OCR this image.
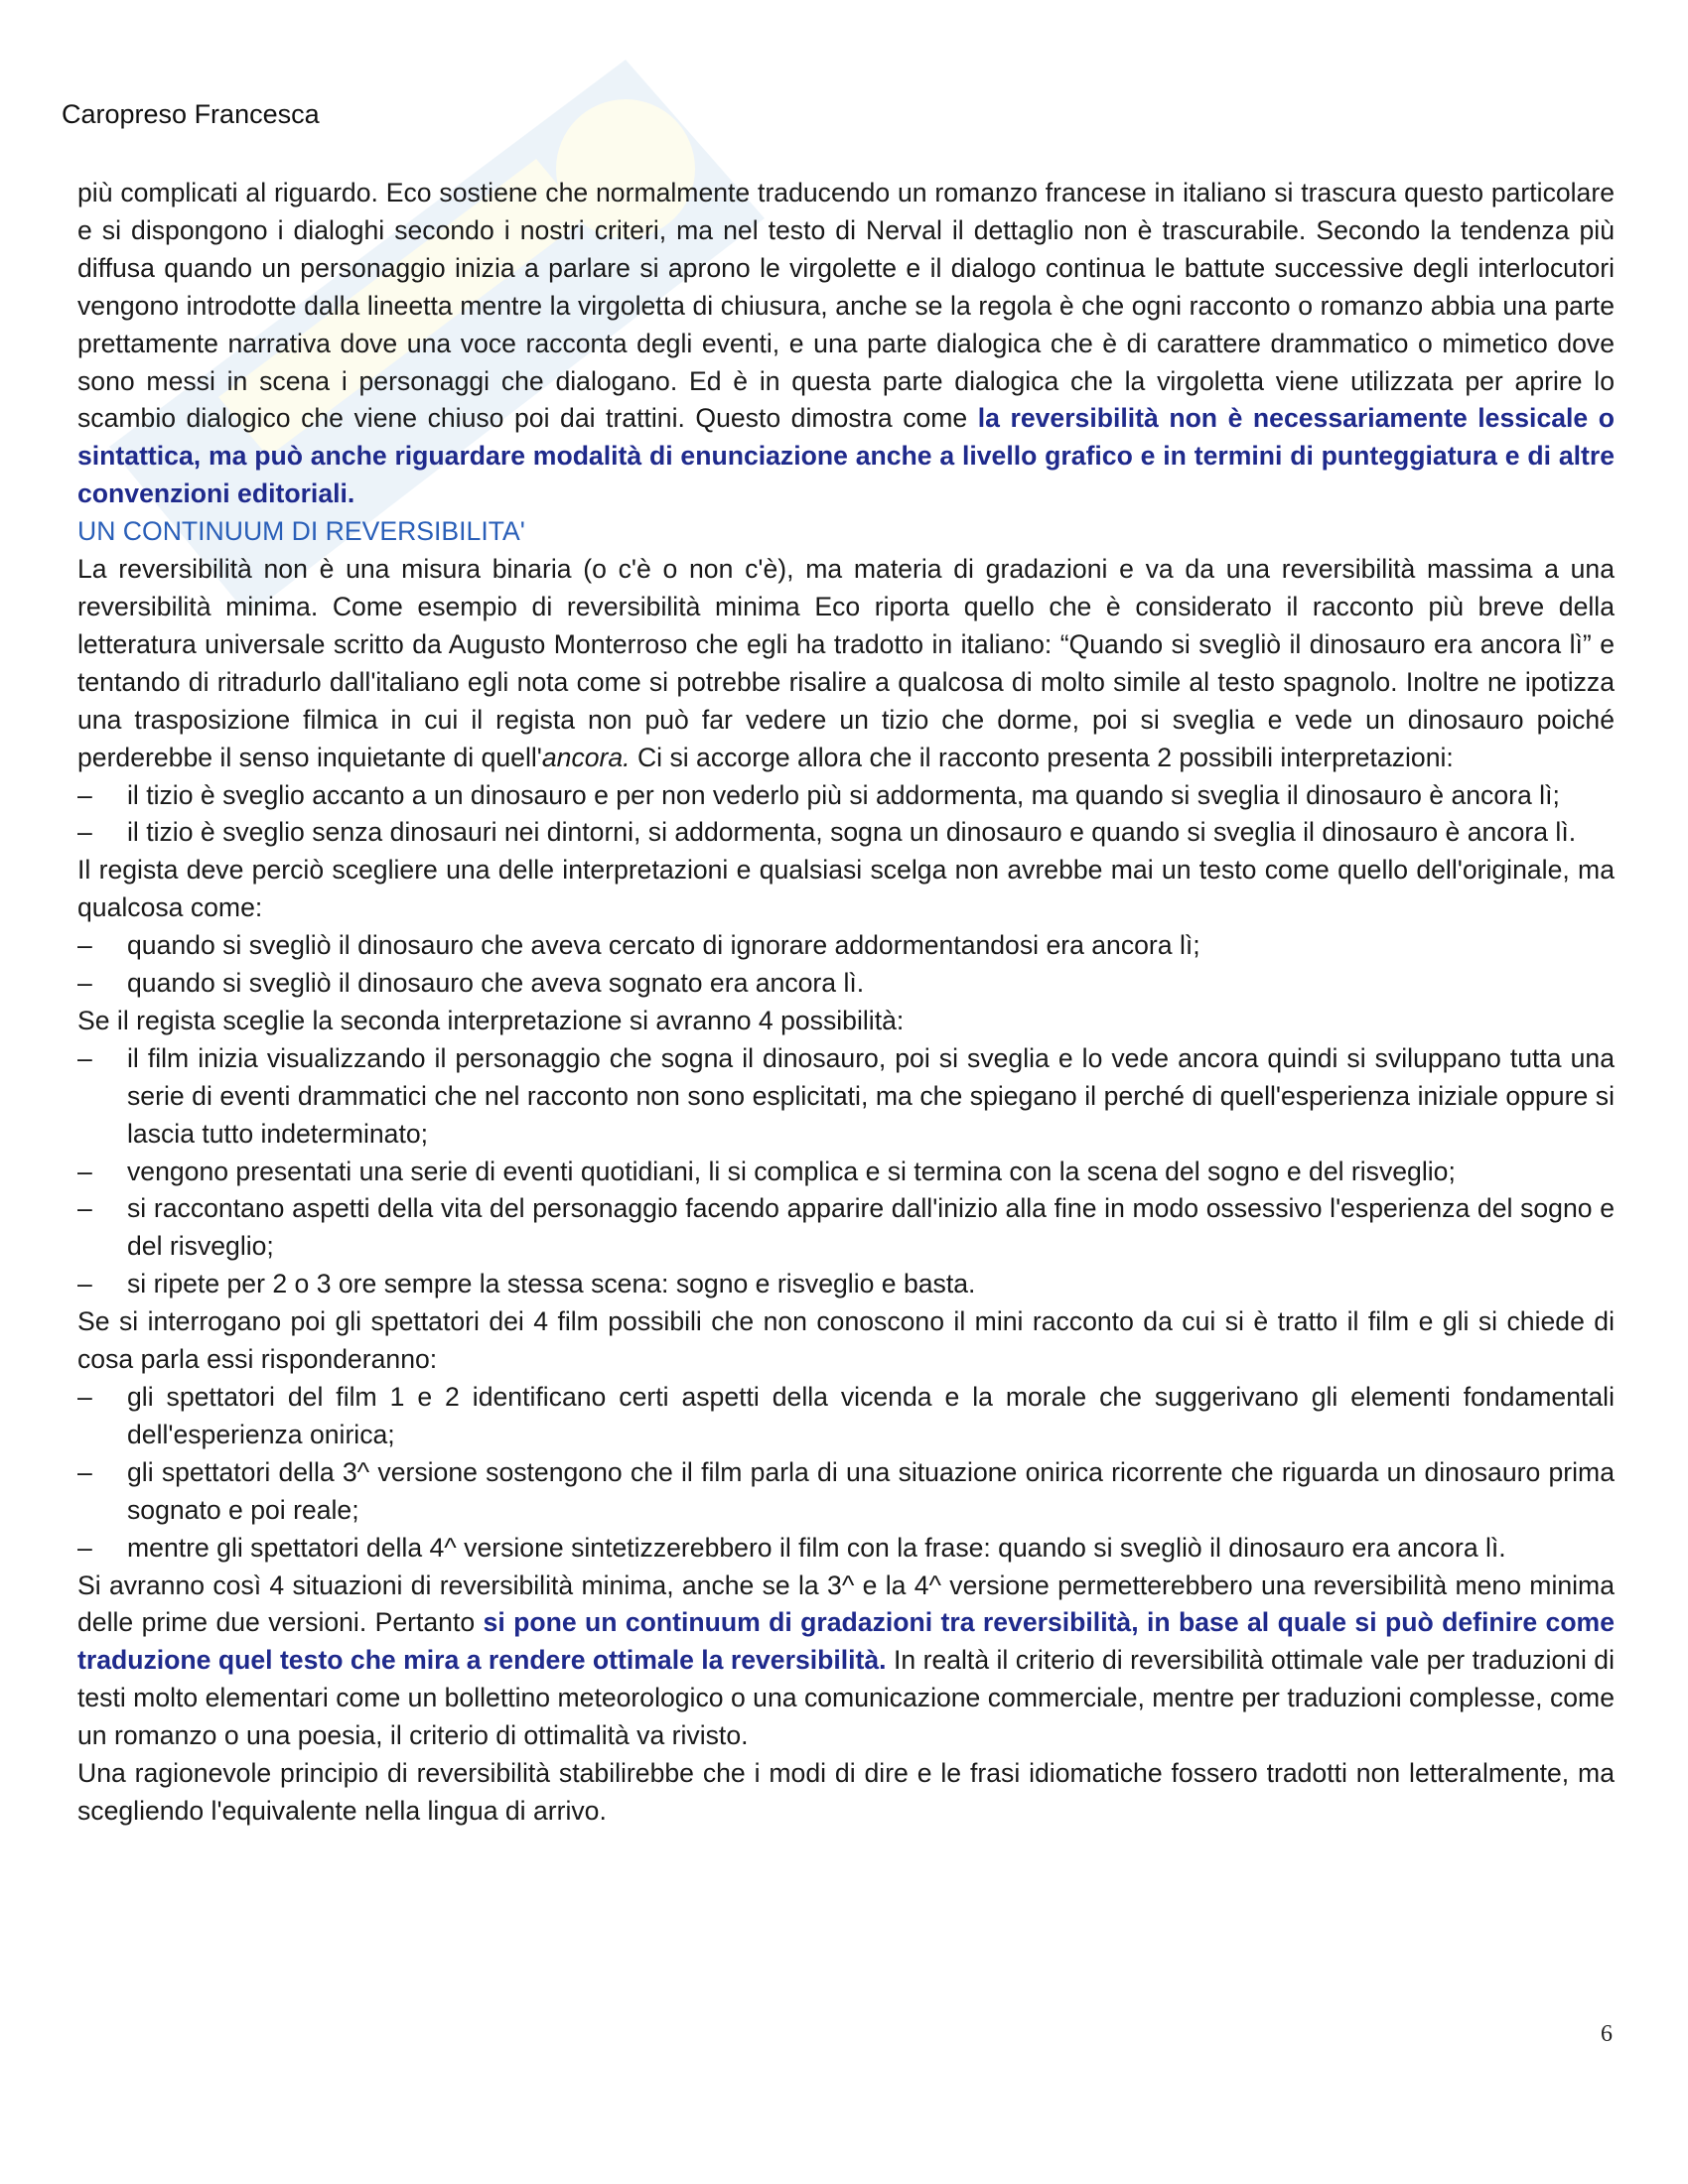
Caropreso Francesca

più complicati al riguardo. Eco sostiene che normalmente traducendo un romanzo francese in italiano si trascura questo particolare e si dispongono i dialoghi secondo i nostri criteri, ma nel testo di Nerval il dettaglio non è trascurabile. Secondo la tendenza più diffusa quando un personaggio inizia a parlare si aprono le virgolette e il dialogo continua le battute successive degli interlocutori vengono introdotte dalla lineetta mentre la virgoletta di chiusura, anche se la regola è che ogni racconto o romanzo abbia una parte prettamente narrativa dove una voce racconta degli eventi, e una parte dialogica che è di carattere drammatico o mimetico dove sono messi in scena i personaggi che dialogano. Ed è in questa parte dialogica che la virgoletta viene utilizzata per aprire lo scambio dialogico che viene chiuso poi dai trattini. Questo dimostra come la reversibilità non è necessariamente lessicale o sintattica, ma può anche riguardare modalità di enunciazione anche a livello grafico e in termini di punteggiatura e di altre convenzioni editoriali.

UN CONTINUUM DI REVERSIBILITA'

La reversibilità non è una misura binaria (o c'è o non c'è), ma materia di gradazioni e va da una reversibilità massima a una reversibilità minima. Come esempio di reversibilità minima Eco riporta quello che è considerato il racconto più breve della letteratura universale scritto da Augusto Monterroso che egli ha tradotto in italiano: “Quando si svegliò il dinosauro era ancora lì” e tentando di ritradurlo dall'italiano egli nota come si potrebbe risalire a qualcosa di molto simile al testo spagnolo. Inoltre ne ipotizza una trasposizione filmica in cui il regista non può far vedere un tizio che dorme, poi si sveglia e vede un dinosauro poiché perderebbe il senso inquietante di quell'ancora. Ci si accorge allora che il racconto presenta 2 possibili interpretazioni:

– il tizio è sveglio accanto a un dinosauro e per non vederlo più si addormenta, ma quando si sveglia il dinosauro è ancora lì;
– il tizio è sveglio senza dinosauri nei dintorni, si addormenta, sogna un dinosauro e quando si sveglia il dinosauro è ancora lì.

Il regista deve perciò scegliere una delle interpretazioni e qualsiasi scelga non avrebbe mai un testo come quello dell'originale, ma qualcosa come:

– quando si svegliò il dinosauro che aveva cercato di ignorare addormentandosi era ancora lì;
– quando si svegliò il dinosauro che aveva sognato era ancora lì.

Se il regista sceglie la seconda interpretazione si avranno 4 possibilità:

– il film inizia visualizzando il personaggio che sogna il dinosauro, poi si sveglia e lo vede ancora quindi si sviluppano tutta una serie di eventi drammatici che nel racconto non sono esplicitati, ma che spiegano il perché di quell'esperienza iniziale oppure si lascia tutto indeterminato;
– vengono presentati una serie di eventi quotidiani, li si complica e si termina con la scena del sogno e del risveglio;
– si raccontano aspetti della vita del personaggio facendo apparire dall'inizio alla fine in modo ossessivo l'esperienza del sogno e del risveglio;
– si ripete per 2 o 3 ore sempre la stessa scena: sogno e risveglio e basta.

Se si interrogano poi gli spettatori dei 4 film possibili che non conoscono il mini racconto da cui si è tratto il film e gli si chiede di cosa parla essi risponderanno:

– gli spettatori del film 1 e 2 identificano certi aspetti della vicenda e la morale che suggerivano gli elementi fondamentali dell'esperienza onirica;
– gli spettatori della 3^ versione sostengono che il film parla di una situazione onirica ricorrente che riguarda un dinosauro prima sognato e poi reale;
– mentre gli spettatori della 4^ versione sintetizzerebbero il film con la frase: quando si svegliò il dinosauro era ancora lì.

Si avranno così 4 situazioni di reversibilità minima, anche se la 3^ e la 4^ versione permetterebbero una reversibilità meno minima delle prime due versioni. Pertanto si pone un continuum di gradazioni tra reversibilità, in base al quale si può definire come traduzione quel testo che mira a rendere ottimale la reversibilità. In realtà il criterio di reversibilità ottimale vale per traduzioni di testi molto elementari come un bollettino meteorologico o una comunicazione commerciale, mentre per traduzioni complesse, come un romanzo o una poesia, il criterio di ottimalità va rivisto.

Una ragionevole principio di reversibilità stabilirebbe che i modi di dire e le frasi idiomatiche fossero tradotti non letteralmente, ma scegliendo l'equivalente nella lingua di arrivo.

6
